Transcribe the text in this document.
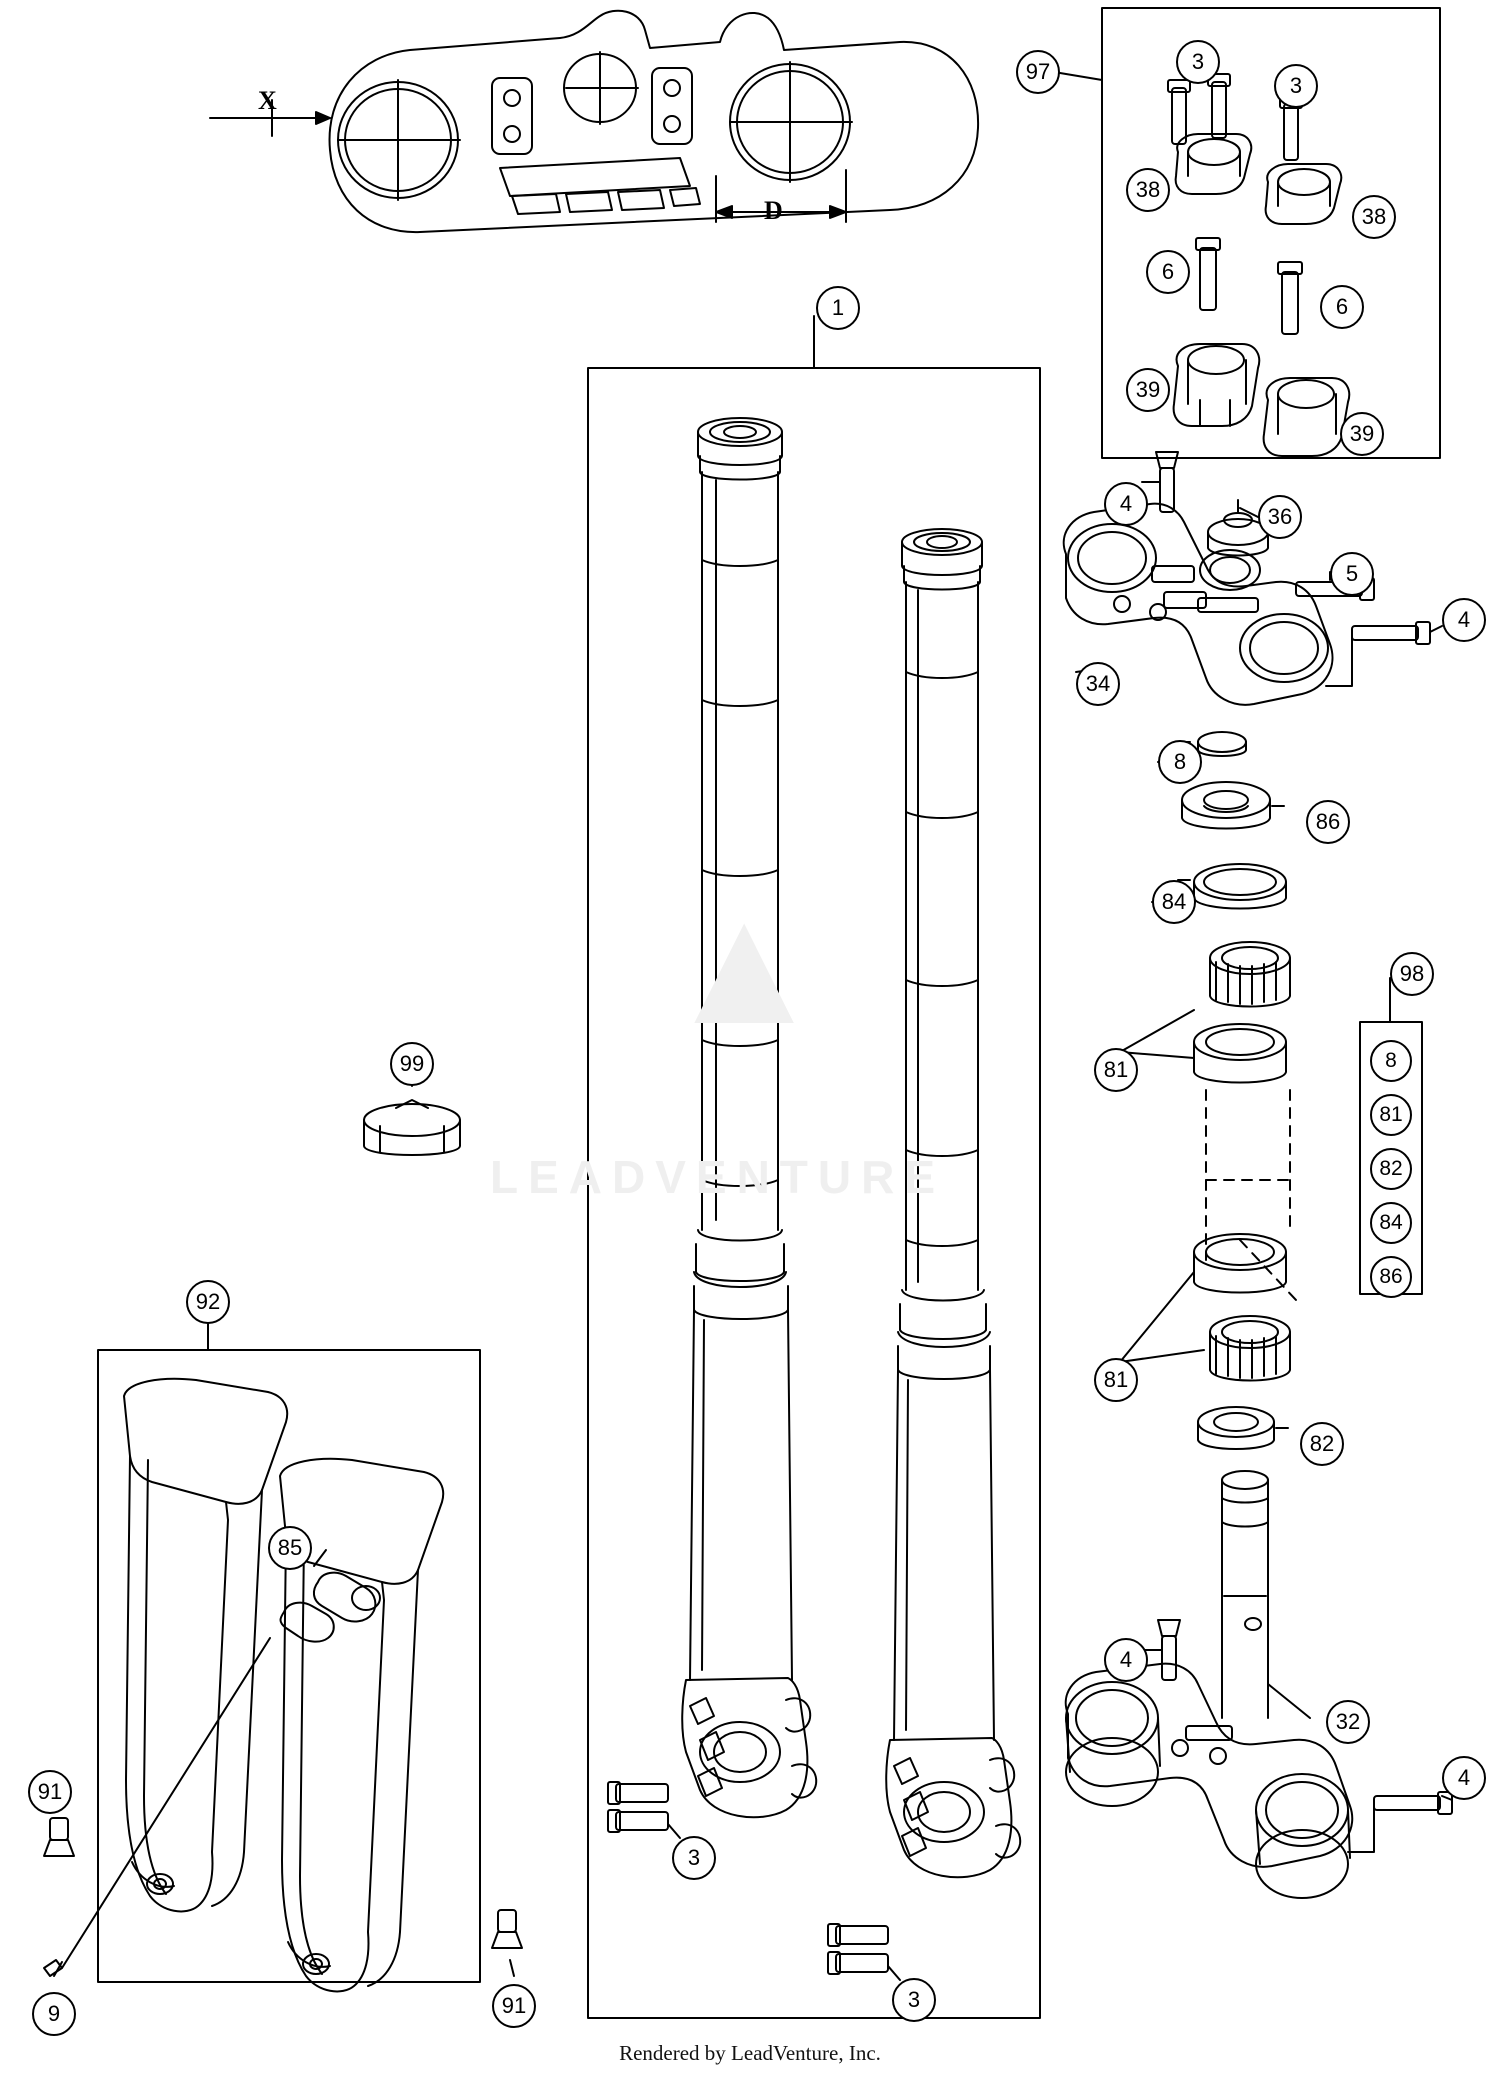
▲
LEADVENTURE
X
D
1
97	3
3
38
38
6
6
39
39
4
36
5
4
34
8
86
84
98
81
81
82
8
81
82
84
86
99
92
85
91
91
9
3
3
4
32
4
Rendered by LeadVenture, Inc.
